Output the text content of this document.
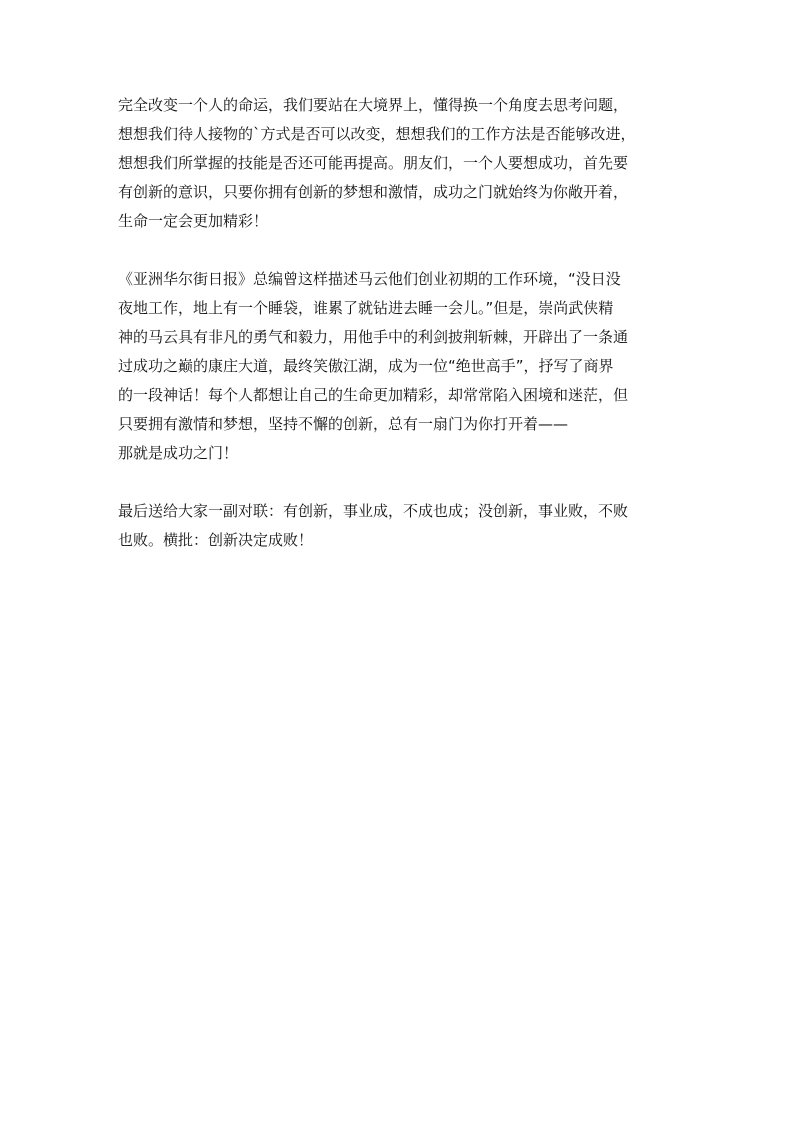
完全改变一个人的命运，我们要站在大境界上，懂得换一个角度去思考问题，
想想我们待人接物的`方式是否可以改变，想想我们的工作方法是否能够改进，
想想我们所掌握的技能是否还可能再提高。朋友们，一个人要想成功，首先要
有创新的意识，只要你拥有创新的梦想和激情，成功之门就始终为你敞开着，
生命一定会更加精彩！

《亚洲华尔街日报》总编曾这样描述马云他们创业初期的工作环境，“没日没
夜地工作，地上有一个睡袋，谁累了就钻进去睡一会儿。”但是，崇尚武侠精
神的马云具有非凡的勇气和毅力，用他手中的利剑披荆斩棘，开辟出了一条通
过成功之巅的康庄大道，最终笑傲江湖，成为一位“绝世高手”，抒写了商界
的一段神话！每个人都想让自己的生命更加精彩，却常常陷入困境和迷茫，但
只要拥有激情和梦想，坚持不懈的创新，总有一扇门为你打开着——
那就是成功之门！

最后送给大家一副对联：有创新，事业成，不成也成；没创新，事业败，不败
也败。横批：创新决定成败！
